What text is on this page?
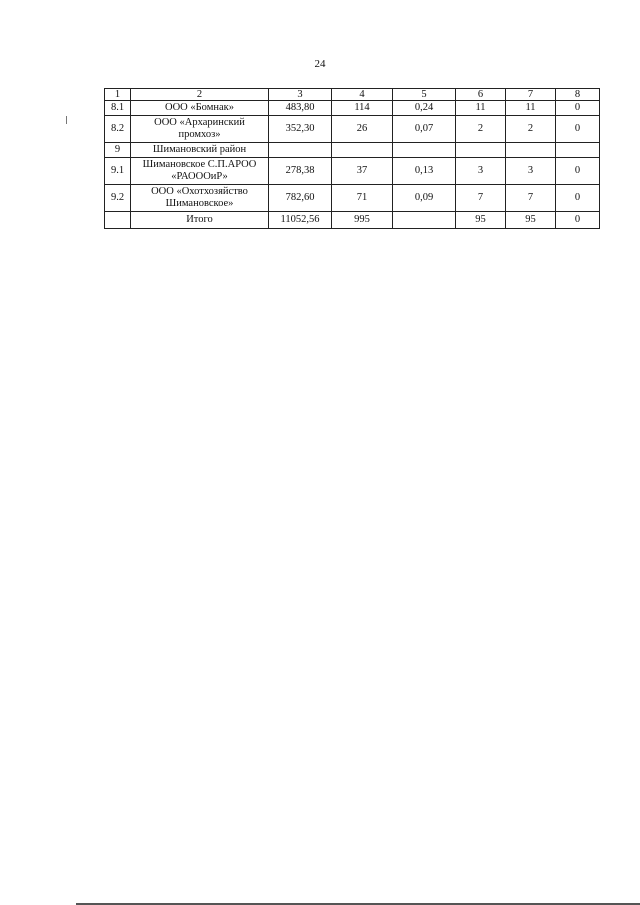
24
1	2	3	4	5	6	7	8
8.1	ООО «Бомнак»	483,80	114	0,24	11	11	0
8.2	ООО «Архаринский промхоз»	352,30	26	0,07	2	2	0
9	Шимановский район						
9.1	Шимановское С.П.АРОО «РАОООиР»	278,38	37	0,13	3	3	0
9.2	ООО «Охотхозяйство Шимановское»	782,60	71	0,09	7	7	0
	Итого	11052,56	995		95	95	0
